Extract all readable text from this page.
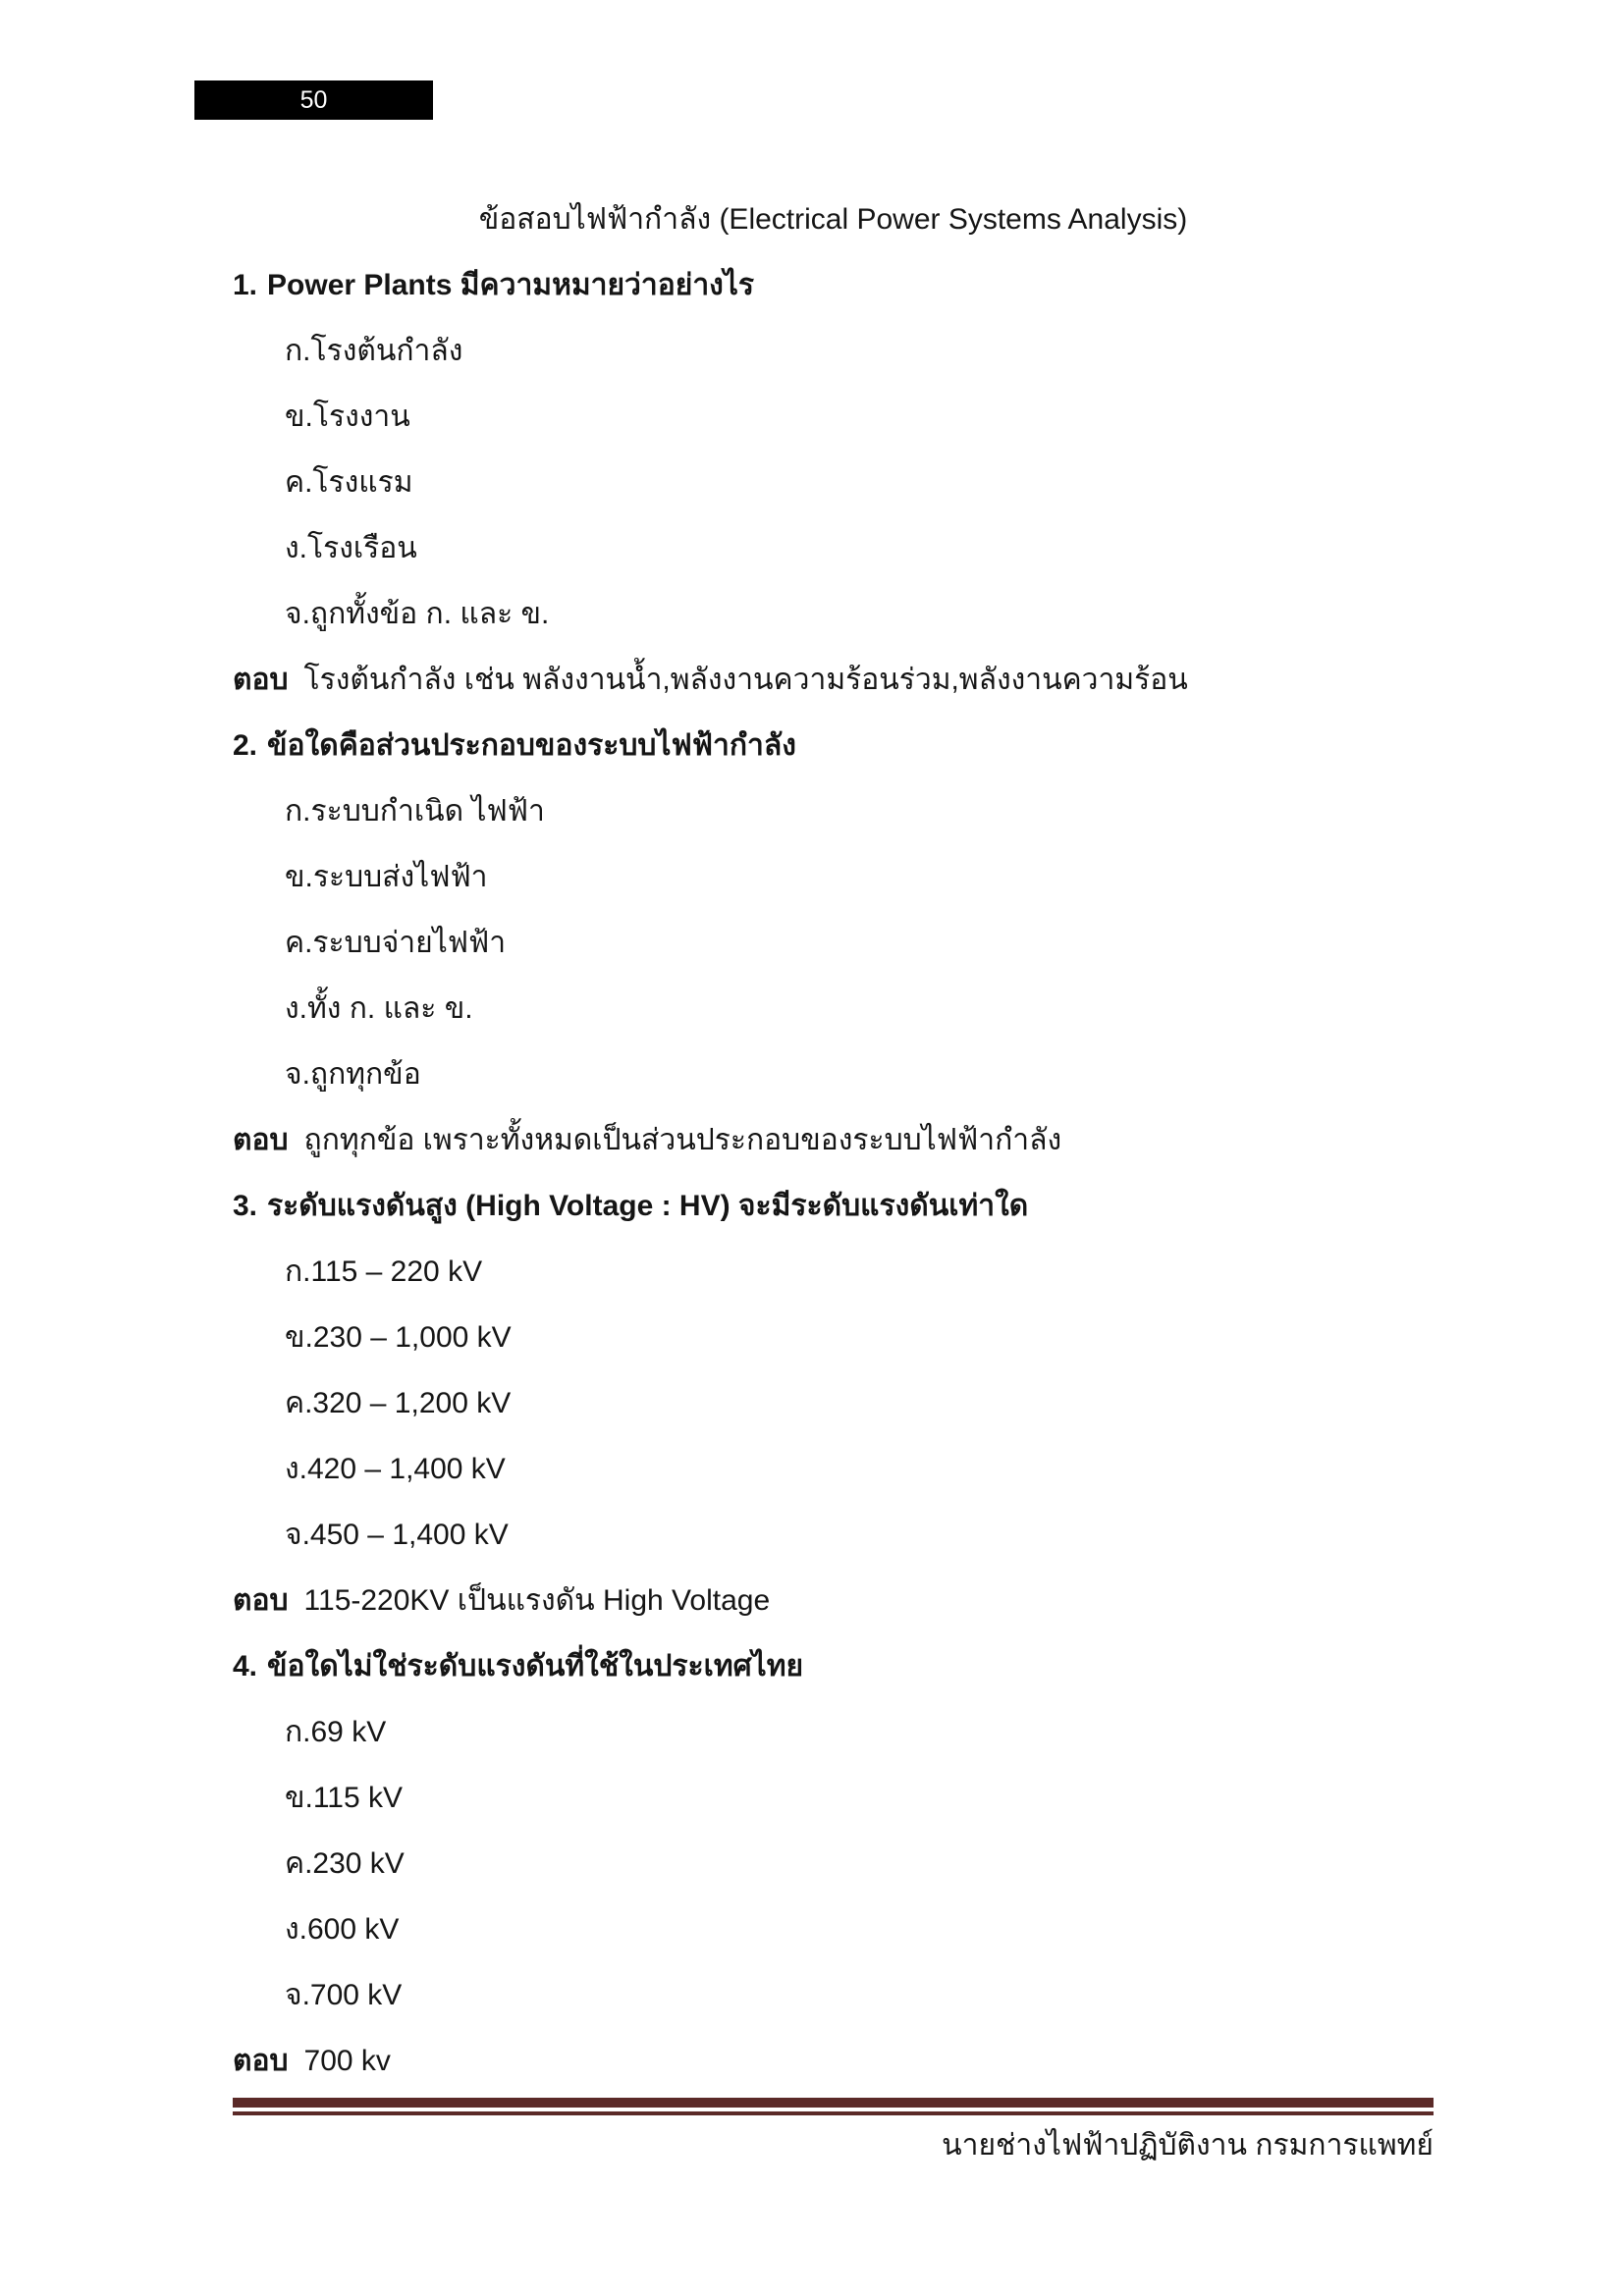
50
ข้อสอบไฟฟ้ากำลัง (Electrical Power Systems Analysis)
1. Power Plants มีความหมายว่าอย่างไร
ก.โรงต้นกำลัง
ข.โรงงาน
ค.โรงแรม
ง.โรงเรือน
จ.ถูกทั้งข้อ ก. และ ข.
ตอบ โรงต้นกำลัง เช่น พลังงานน้ำ,พลังงานความร้อนร่วม,พลังงานความร้อน
2. ข้อใดคือส่วนประกอบของระบบไฟฟ้ากำลัง
ก.ระบบกำเนิด ไฟฟ้า
ข.ระบบส่งไฟฟ้า
ค.ระบบจ่ายไฟฟ้า
ง.ทั้ง ก. และ ข.
จ.ถูกทุกข้อ
ตอบ ถูกทุกข้อ เพราะทั้งหมดเป็นส่วนประกอบของระบบไฟฟ้ากำลัง
3. ระดับแรงดันสูง (High Voltage : HV) จะมีระดับแรงดันเท่าใด
ก.115 – 220 kV
ข.230 – 1,000 kV
ค.320 – 1,200 kV
ง.420 – 1,400 kV
จ.450 – 1,400 kV
ตอบ 115-220KV เป็นแรงดัน High Voltage
4. ข้อใดไม่ใช่ระดับแรงดันที่ใช้ในประเทศไทย
ก.69 kV
ข.115 kV
ค.230 kV
ง.600 kV
จ.700 kV
ตอบ 700 kv
นายช่างไฟฟ้าปฏิบัติงาน กรมการแพทย์
